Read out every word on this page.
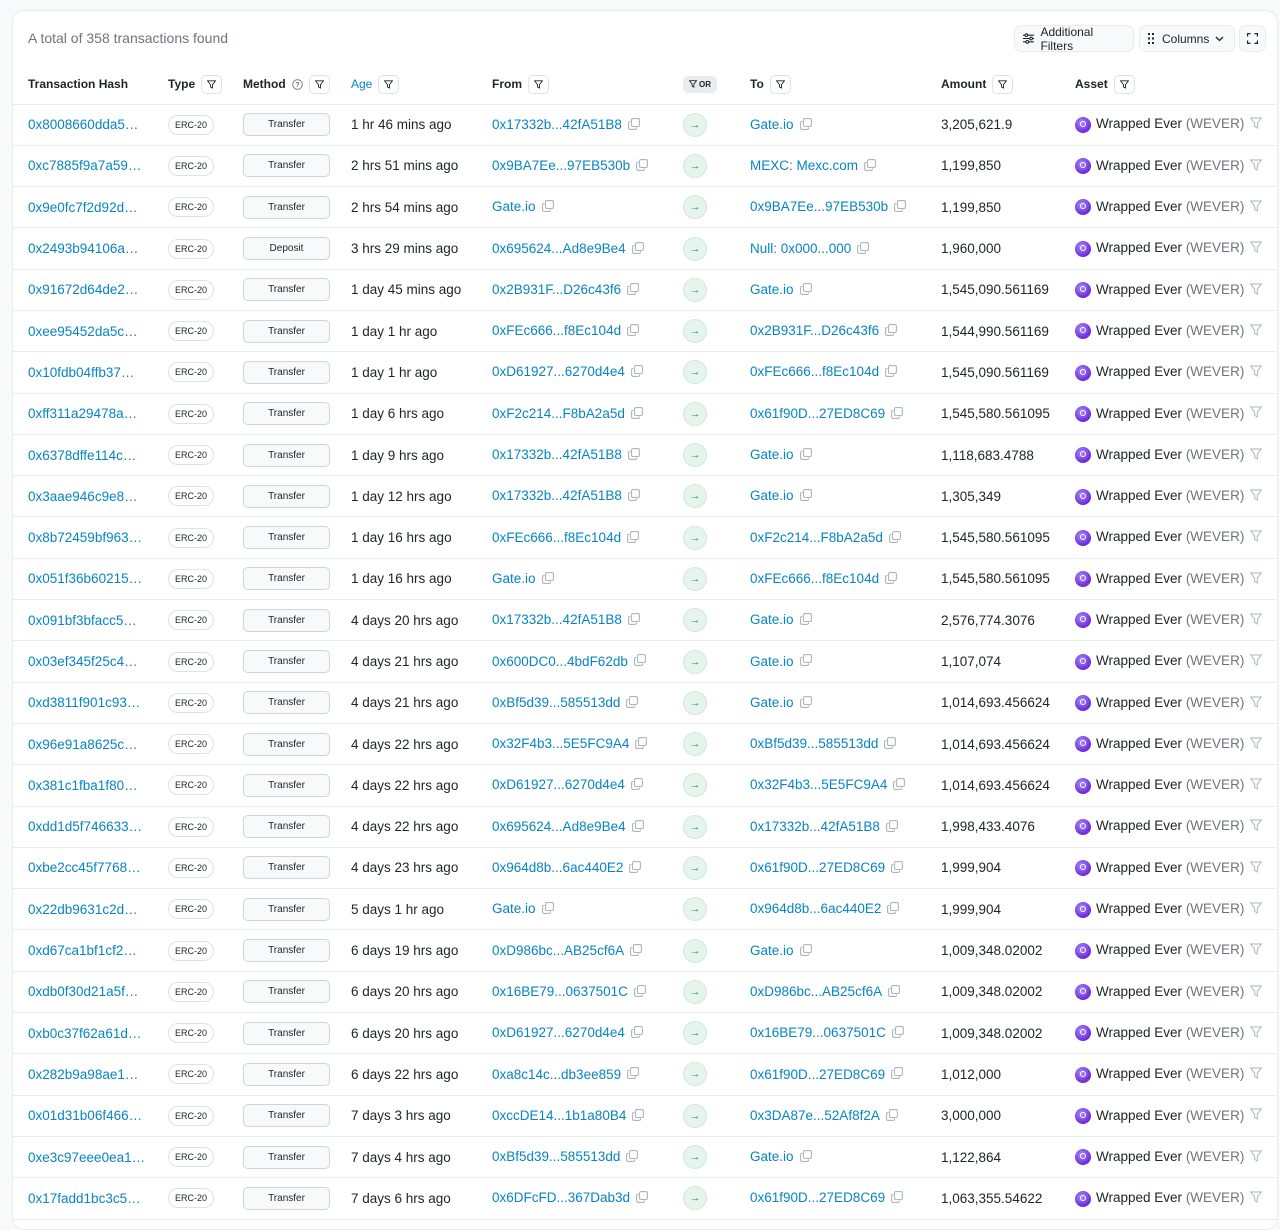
A total of 358 transactions found	Additional Filters	Columns
Transaction Hash	Type	Method ?	Age	From	OR	To	Amount	Asset

0x8008660dda5…	ERC-20	Transfer	1 hr 46 mins ago	0x17332b...42fA51B8	→	Gate.io	3,205,621.9	Wrapped Ever (WEVER)
0xc7885f9a7a59…	ERC-20	Transfer	2 hrs 51 mins ago	0x9BA7Ee...97EB530b	→	MEXC: Mexc.com	1,199,850	Wrapped Ever (WEVER)
0x9e0fc7f2d92d…	ERC-20	Transfer	2 hrs 54 mins ago	Gate.io	→	0x9BA7Ee...97EB530b	1,199,850	Wrapped Ever (WEVER)
0x2493b94106a…	ERC-20	Deposit	3 hrs 29 mins ago	0x695624...Ad8e9Be4	→	Null: 0x000...000	1,960,000	Wrapped Ever (WEVER)
0x91672d64de2…	ERC-20	Transfer	1 day 45 mins ago	0x2B931F...D26c43f6	→	Gate.io	1,545,090.561169	Wrapped Ever (WEVER)
0xee95452da5c…	ERC-20	Transfer	1 day 1 hr ago	0xFEc666...f8Ec104d	→	0x2B931F...D26c43f6	1,544,990.561169	Wrapped Ever (WEVER)
0x10fdb04ffb37…	ERC-20	Transfer	1 day 1 hr ago	0xD61927...6270d4e4	→	0xFEc666...f8Ec104d	1,545,090.561169	Wrapped Ever (WEVER)
0xff311a29478a…	ERC-20	Transfer	1 day 6 hrs ago	0xF2c214...F8bA2a5d	→	0x61f90D...27ED8C69	1,545,580.561095	Wrapped Ever (WEVER)
0x6378dffe114c…	ERC-20	Transfer	1 day 9 hrs ago	0x17332b...42fA51B8	→	Gate.io	1,118,683.4788	Wrapped Ever (WEVER)
0x3aae946c9e8…	ERC-20	Transfer	1 day 12 hrs ago	0x17332b...42fA51B8	→	Gate.io	1,305,349	Wrapped Ever (WEVER)
0x8b72459bf963…	ERC-20	Transfer	1 day 16 hrs ago	0xFEc666...f8Ec104d	→	0xF2c214...F8bA2a5d	1,545,580.561095	Wrapped Ever (WEVER)
0x051f36b60215…	ERC-20	Transfer	1 day 16 hrs ago	Gate.io	→	0xFEc666...f8Ec104d	1,545,580.561095	Wrapped Ever (WEVER)
0x091bf3bfacc5…	ERC-20	Transfer	4 days 20 hrs ago	0x17332b...42fA51B8	→	Gate.io	2,576,774.3076	Wrapped Ever (WEVER)
0x03ef345f25c4…	ERC-20	Transfer	4 days 21 hrs ago	0x600DC0...4bdF62db	→	Gate.io	1,107,074	Wrapped Ever (WEVER)
0xd3811f901c93…	ERC-20	Transfer	4 days 21 hrs ago	0xBf5d39...585513dd	→	Gate.io	1,014,693.456624	Wrapped Ever (WEVER)
0x96e91a8625c…	ERC-20	Transfer	4 days 22 hrs ago	0x32F4b3...5E5FC9A4	→	0xBf5d39...585513dd	1,014,693.456624	Wrapped Ever (WEVER)
0x381c1fba1f80…	ERC-20	Transfer	4 days 22 hrs ago	0xD61927...6270d4e4	→	0x32F4b3...5E5FC9A4	1,014,693.456624	Wrapped Ever (WEVER)
0xdd1d5f746633…	ERC-20	Transfer	4 days 22 hrs ago	0x695624...Ad8e9Be4	→	0x17332b...42fA51B8	1,998,433.4076	Wrapped Ever (WEVER)
0xbe2cc45f7768…	ERC-20	Transfer	4 days 23 hrs ago	0x964d8b...6ac440E2	→	0x61f90D...27ED8C69	1,999,904	Wrapped Ever (WEVER)
0x22db9631c2d…	ERC-20	Transfer	5 days 1 hr ago	Gate.io	→	0x964d8b...6ac440E2	1,999,904	Wrapped Ever (WEVER)
0xd67ca1bf1cf2…	ERC-20	Transfer	6 days 19 hrs ago	0xD986bc...AB25cf6A	→	Gate.io	1,009,348.02002	Wrapped Ever (WEVER)
0xdb0f30d21a5f…	ERC-20	Transfer	6 days 20 hrs ago	0x16BE79...0637501C	→	0xD986bc...AB25cf6A	1,009,348.02002	Wrapped Ever (WEVER)
0xb0c37f62a61d…	ERC-20	Transfer	6 days 20 hrs ago	0xD61927...6270d4e4	→	0x16BE79...0637501C	1,009,348.02002	Wrapped Ever (WEVER)
0x282b9a98ae1…	ERC-20	Transfer	6 days 22 hrs ago	0xa8c14c...db3ee859	→	0x61f90D...27ED8C69	1,012,000	Wrapped Ever (WEVER)
0x01d31b06f466…	ERC-20	Transfer	7 days 3 hrs ago	0xccDE14...1b1a80B4	→	0x3DA87e...52Af8f2A	3,000,000	Wrapped Ever (WEVER)
0xe3c97eee0ea1…	ERC-20	Transfer	7 days 4 hrs ago	0xBf5d39...585513dd	→	Gate.io	1,122,864	Wrapped Ever (WEVER)
0x17fadd1bc3c5…	ERC-20	Transfer	7 days 6 hrs ago	0x6DFcFD...367Dab3d	→	0x61f90D...27ED8C69	1,063,355.54622	Wrapped Ever (WEVER)
